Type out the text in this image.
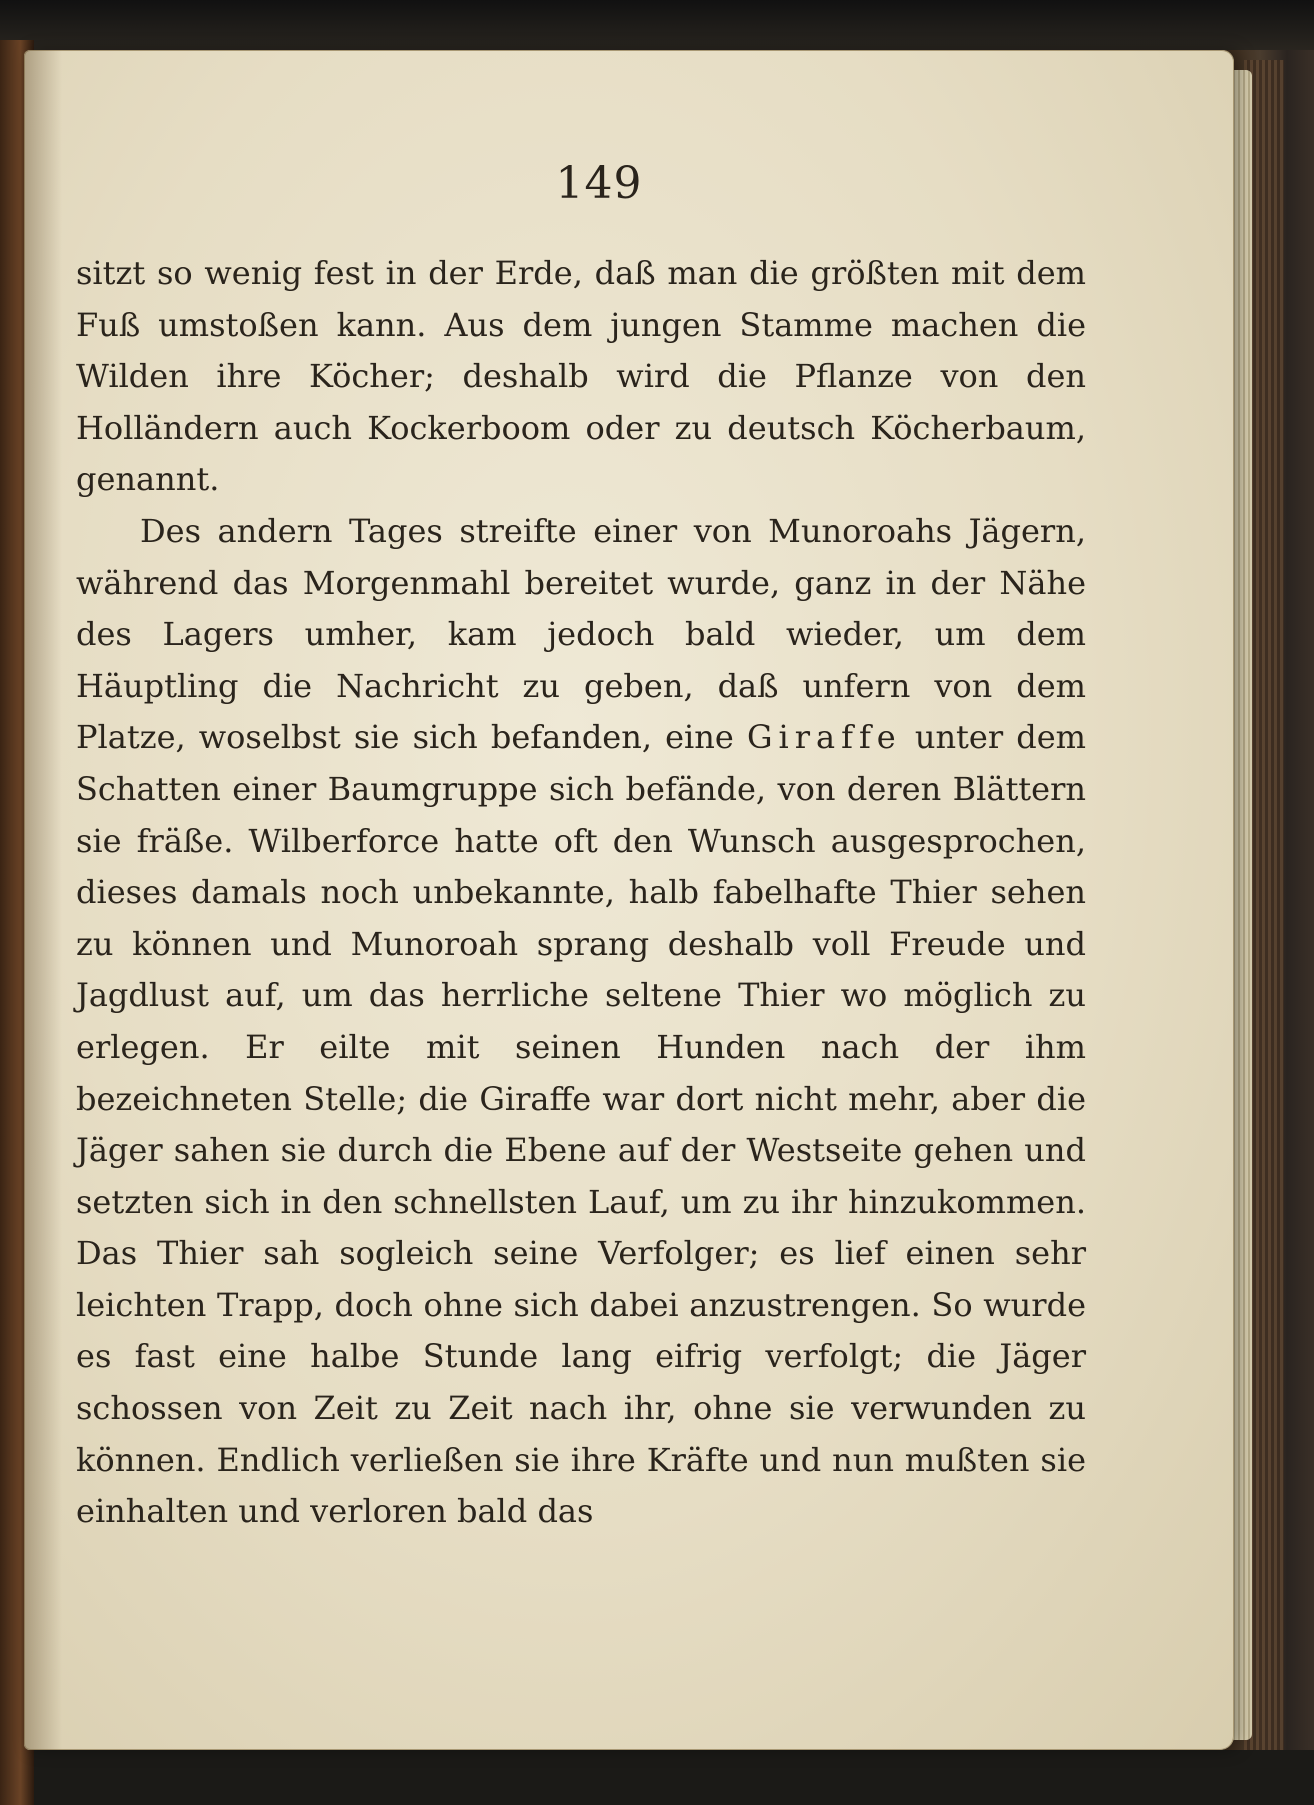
149

sitzt so wenig fest in der Erde, daß man die größten mit dem Fuß umstoßen kann. Aus dem jungen Stamme machen die Wilden ihre Köcher; deshalb wird die Pflanze von den Holländern auch Kockerboom oder zu deutsch Köcherbaum, genannt.

Des andern Tages streifte einer von Munoroahs Jägern, während das Morgenmahl bereitet wurde, ganz in der Nähe des Lagers umher, kam jedoch bald wieder, um dem Häuptling die Nachricht zu geben, daß unfern von dem Platze, woselbst sie sich befanden, eine Giraffe unter dem Schatten einer Baumgruppe sich befände, von deren Blättern sie fräße. Wilberforce hatte oft den Wunsch ausgesprochen, dieses damals noch unbekannte, halb fabelhafte Thier sehen zu können und Munoroah sprang deshalb voll Freude und Jagdlust auf, um das herrliche seltene Thier wo möglich zu erlegen. Er eilte mit seinen Hunden nach der ihm bezeichneten Stelle; die Giraffe war dort nicht mehr, aber die Jäger sahen sie durch die Ebene auf der Westseite gehen und setzten sich in den schnellsten Lauf, um zu ihr hinzukommen. Das Thier sah sogleich seine Verfolger; es lief einen sehr leichten Trapp, doch ohne sich dabei anzustrengen. So wurde es fast eine halbe Stunde lang eifrig verfolgt; die Jäger schossen von Zeit zu Zeit nach ihr, ohne sie verwunden zu können. Endlich verließen sie ihre Kräfte und nun mußten sie einhalten und verloren bald das
